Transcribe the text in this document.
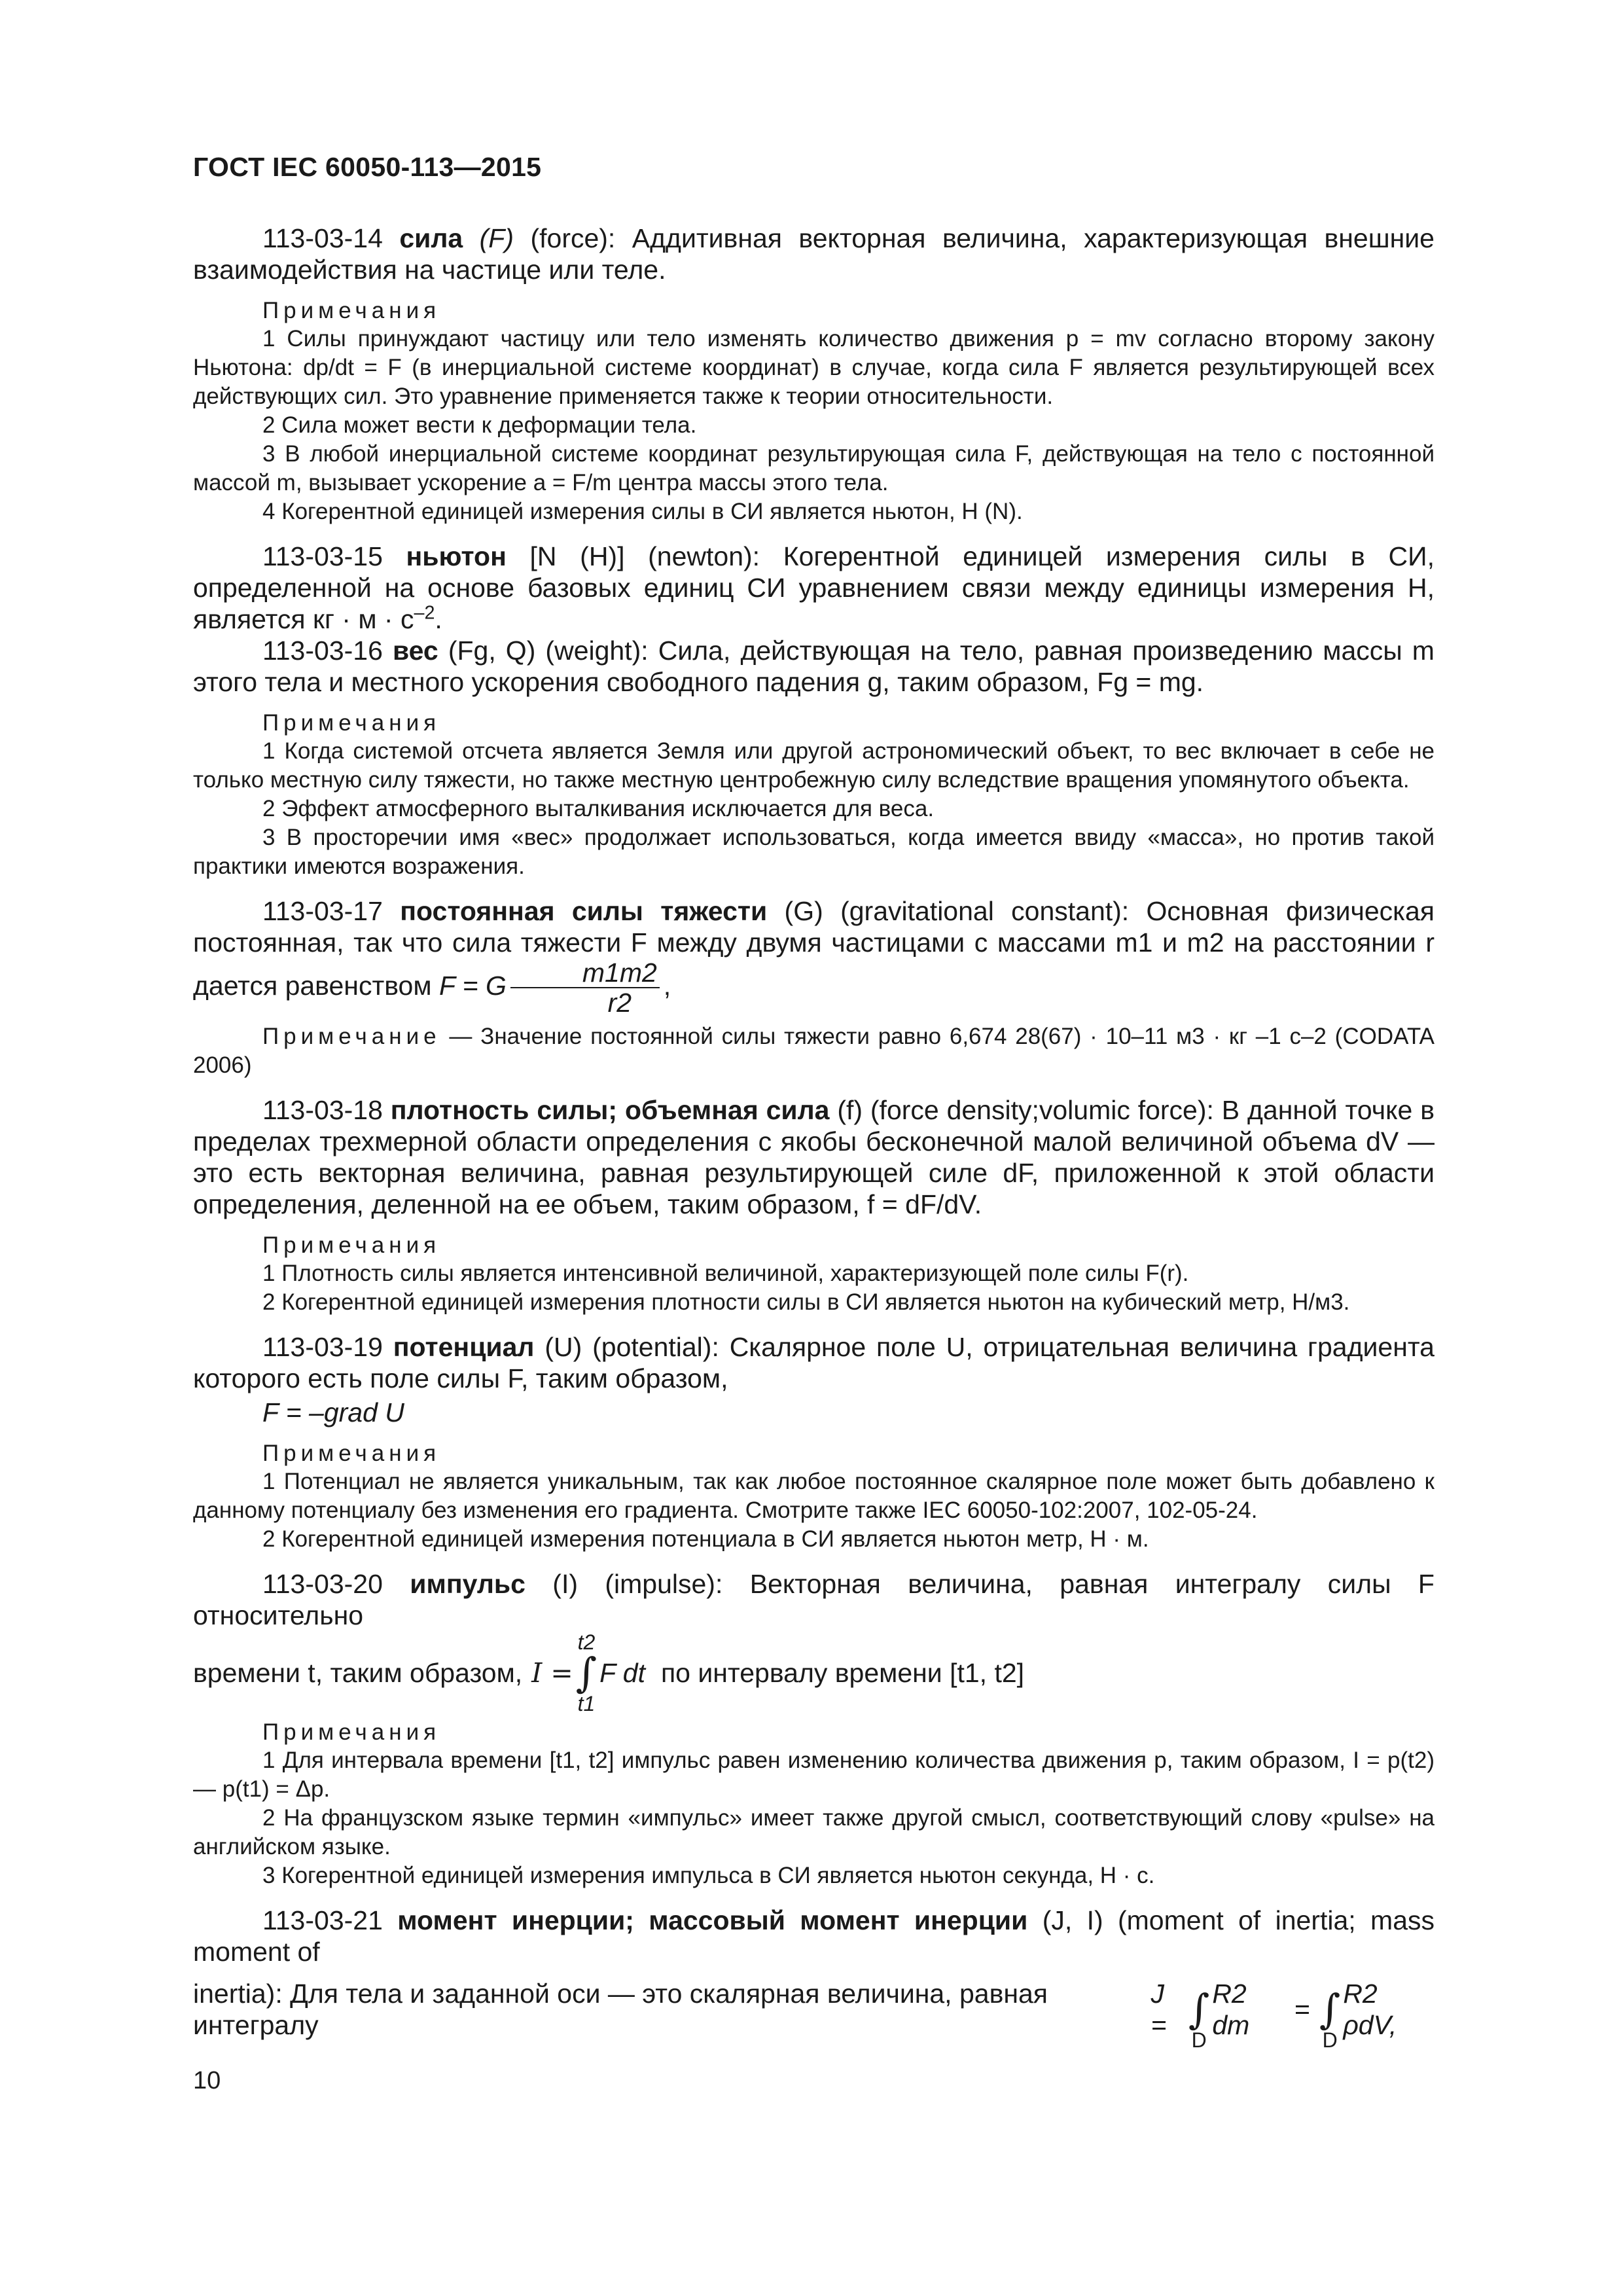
ГОСТ IEC 60050-113—2015

113-03-14 сила (F) (force): Аддитивная векторная величина, характеризующая внешние взаимодействия на частице или теле.

Примечания

1 Силы принуждают частицу или тело изменять количество движения p = mv согласно второму закону Ньютона: dp/dt = F (в инерциальной системе координат) в случае, когда сила F является результирующей всех действующих сил. Это уравнение применяется также к теории относительности.

2 Сила может вести к деформации тела.

3 В любой инерциальной системе координат результирующая сила F, действующая на тело с постоянной массой m, вызывает ускорение a = F/m центра массы этого тела.

4 Когерентной единицей измерения силы в СИ является ньютон, Н (N).

113-03-15 ньютон [N (Н)] (newton): Когерентной единицей измерения силы в СИ, определенной на основе базовых единиц СИ уравнением связи между единицы измерения Н, является кг · $м \cdot с^{-2}$.

113-03-16 вес (Fg, Q) (weight): Сила, действующая на тело, равная произведению массы m этого тела и местного ускорения свободного падения g, таким образом, Fg = mg.

Примечания

1 Когда системой отсчета является Земля или другой астрономический объект, то вес включает в себе не только местную силу тяжести, но также местную центробежную силу вследствие вращения упомянутого объекта.

2 Эффект атмосферного выталкивания исключается для веса.

3 В просторечии имя «вес» продолжает использоваться, когда имеется ввиду «масса», но против такой практики имеются возражения.

113-03-17 постоянная силы тяжести (G) (gravitational constant): Основная физическая постоянная, так что сила тяжести F между двумя частицами с массами m1 и m2 на расстоянии r дается равенством F = G $\frac{m1m2}{r2}$ ,

Примечание — Значение постоянной силы тяжести равно 6,674 28(67) · 10–11 м3 · кг –1 с–2 (CODATA 2006)

113-03-18 плотность силы; объемная сила (f) (force density;volumic force): В данной точке в пределах трехмерной области определения с якобы бесконечной малой величиной объема dV — это есть векторная величина, равная результирующей силе dF, приложенной к этой области определения, деленной на ее объем, таким образом, f = dF/dV.

Примечания

1 Плотность силы является интенсивной величиной, характеризующей поле силы F(r).

2 Когерентной единицей измерения плотности силы в СИ является ньютон на кубический метр, Н/м3.

113-03-19 потенциал (U) (potential): Скалярное поле U, отрицательная величина градиента которого есть поле силы F, таким образом,

F = –grad U

Примечания

1 Потенциал не является уникальным, так как любое постоянное скалярное поле может быть добавлено к данному потенциалу без изменения его градиента. Смотрите также IEC 60050-102:2007, 102-05-24.

2 Когерентной единицей измерения потенциала в СИ является ньютон метр, Н · м.

113-03-20 импульс (I) (impulse): Векторная величина, равная интегралу силы F относительно

времени t, таким образом, I =
t2
∫
t1
F dt по интервалу времени [t1, t2]

Примечания

1 Для интервала времени [t1, t2] импульс равен изменению количества движения p, таким образом, I = p(t2) — p(t1) = Δp.

2 На французском языке термин «импульс» имеет также другой смысл, соответствующий слову «pulse» на английском языке.

3 Когерентной единицей измерения импульса в СИ является ньютон секунда, Н · с.

113-03-21 момент инерции; массовый момент инерции (J, I) (moment of inertia; mass moment of

inertia): Для тела и заданной оси — это скалярная величина, равная интегралу
J = ∫
D
R2 dm
= ∫
D
R2 ρdV,
10
